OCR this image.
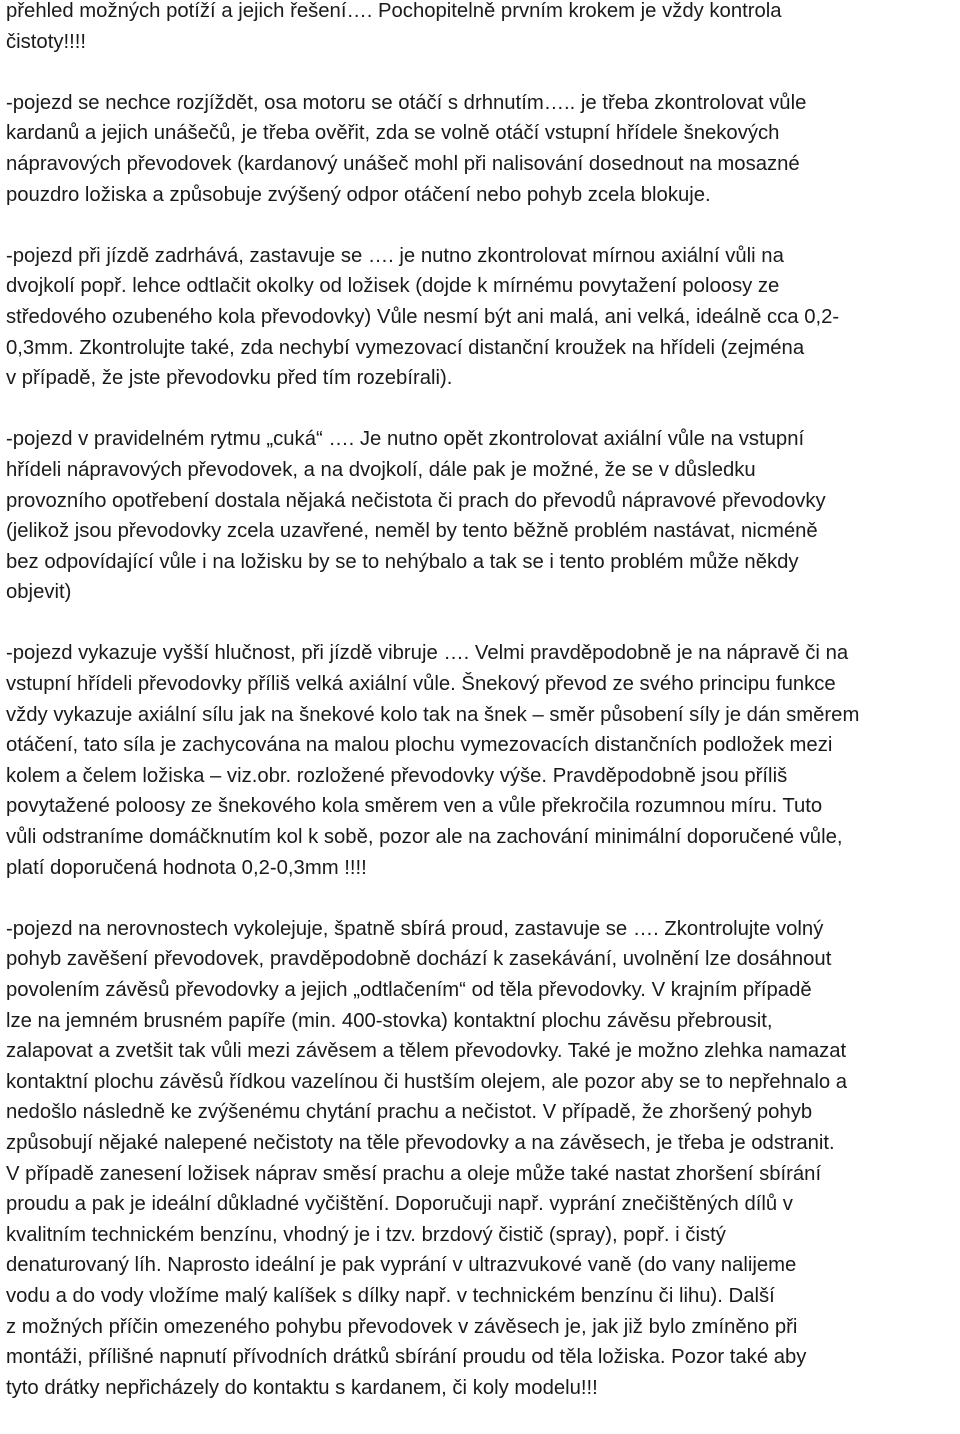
přehled možných potíží a jejich řešení…. Pochopitelně prvním krokem je vždy kontrola
čistoty!!!!
-pojezd se nechce rozjíždět, osa motoru se otáčí s drhnutím….. je třeba zkontrolovat vůle
kardanů a jejich unášečů, je třeba ověřit, zda se volně otáčí vstupní hřídele šnekových
nápravových převodovek (kardanový unášeč mohl při nalisování dosednout na mosazné
pouzdro ložiska a způsobuje zvýšený odpor otáčení nebo pohyb zcela blokuje.
-pojezd při jízdě zadrhává, zastavuje se …. je nutno zkontrolovat mírnou axiální vůli na
dvojkolí popř. lehce odtlačit okolky od ložisek (dojde k mírnému povytažení poloosy ze
středového ozubeného kola převodovky) Vůle nesmí být ani malá, ani velká, ideálně cca 0,2-
0,3mm. Zkontrolujte také, zda nechybí vymezovací distanční kroužek na hřídeli (zejména
v případě, že jste převodovku před tím rozebírali).
-pojezd v pravidelném rytmu „cuká“ …. Je nutno opět zkontrolovat axiální vůle na vstupní
hřídeli nápravových převodovek, a na dvojkolí, dále pak je možné, že se v důsledku
provozního opotřebení dostala nějaká nečistota či prach do převodů nápravové převodovky
(jelikož jsou převodovky zcela uzavřené, neměl by tento běžně problém nastávat, nicméně
bez odpovídající vůle i na ložisku by se to nehýbalo a tak se i tento problém může někdy
objevit)
-pojezd vykazuje vyšší hlučnost, při jízdě vibruje …. Velmi pravděpodobně je na nápravě či na
vstupní hřídeli převodovky příliš velká axiální vůle. Šnekový převod ze svého principu funkce
vždy vykazuje axiální sílu jak na šnekové kolo tak na šnek – směr působení síly je dán směrem
otáčení, tato síla je zachycována na malou plochu vymezovacích distančních podložek mezi
kolem a čelem ložiska – viz.obr. rozložené převodovky výše. Pravděpodobně jsou příliš
povytažené poloosy ze šnekového kola směrem ven a vůle překročila rozumnou míru. Tuto
vůli odstraníme domáčknutím kol k sobě, pozor ale na zachování minimální doporučené vůle,
platí doporučená hodnota 0,2-0,3mm !!!!
-pojezd na nerovnostech vykolejuje, špatně sbírá proud, zastavuje se …. Zkontrolujte volný
pohyb zavěšení převodovek, pravděpodobně dochází k zasekávání, uvolnění lze dosáhnout
povolením závěsů převodovky a jejich „odtlačením“ od těla převodovky. V krajním případě
lze na jemném brusném papíře (min. 400-stovka) kontaktní plochu závěsu přebrousit,
zalapovat a zvetšit tak vůli mezi závěsem a tělem převodovky. Také je možno zlehka namazat
kontaktní plochu závěsů řídkou vazelínou či hustším olejem, ale pozor aby se to nepřehnalo a
nedošlo následně ke zvýšenému chytání prachu a nečistot. V případě, že zhoršený pohyb
způsobují nějaké nalepené nečistoty na těle převodovky a na závěsech, je třeba je odstranit.
V případě zanesení ložisek náprav směsí prachu a oleje může také nastat zhoršení sbírání
proudu a pak je ideální důkladné vyčištění. Doporučuji např. vyprání znečištěných dílů v
kvalitním technickém benzínu, vhodný je i tzv. brzdový čistič (spray), popř. i čistý
denaturovaný líh. Naprosto ideální je pak vyprání v ultrazvukové vaně (do vany nalijeme
vodu a do vody vložíme malý kalíšek s dílky např. v technickém benzínu či lihu). Další
z možných příčin omezeného pohybu převodovek v závěsech je, jak již bylo zmíněno při
montáži, přílišné napnutí přívodních drátků sbírání proudu od těla ložiska. Pozor také aby
tyto drátky nepřicházely do kontaktu s kardanem, či koly modelu!!!
